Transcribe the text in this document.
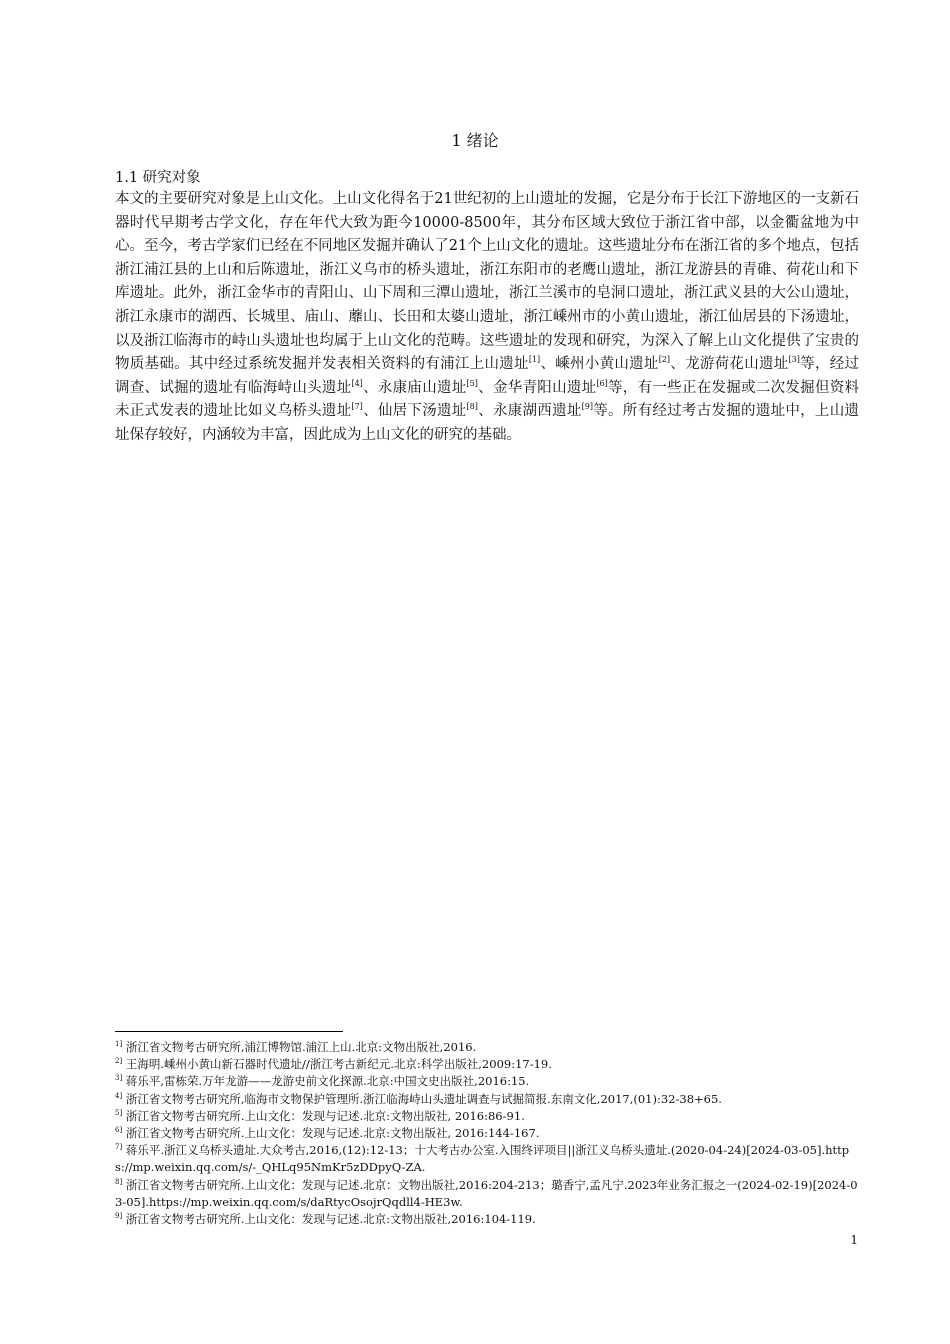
1 绪论
1.1 研究对象

本文的主要研究对象是上山文化。上山文化得名于21世纪初的上山遗址的发掘，它是分布于长江下游地区的一支新石器时代早期考古学文化，存在年代大致为距今10000-8500年，其分布区域大致位于浙江省中部，以金衢盆地为中心。至今，考古学家们已经在不同地区发掘并确认了21个上山文化的遗址。这些遗址分布在浙江省的多个地点，包括浙江浦江县的上山和后陈遗址，浙江义乌市的桥头遗址，浙江东阳市的老鹰山遗址，浙江龙游县的青碓、荷花山和下库遗址。此外，浙江金华市的青阳山、山下周和三潭山遗址，浙江兰溪市的皂洞口遗址，浙江武义县的大公山遗址，浙江永康市的湖西、长城里、庙山、蘼山、长田和太婆山遗址，浙江嵊州市的小黄山遗址，浙江仙居县的下汤遗址，以及浙江临海市的峙山头遗址也均属于上山文化的范畴。这些遗址的发现和研究，为深入了解上山文化提供了宝贵的物质基础。其中经过系统发掘并发表相关资料的有浦江上山遗址[1]、嵊州小黄山遗址[2]、龙游荷花山遗址[3]等，经过调查、试掘的遗址有临海峙山头遗址[4]、永康庙山遗址[5]、金华青阳山遗址[6]等，有一些正在发掘或二次发掘但资料未正式发表的遗址比如义乌桥头遗址[7]、仙居下汤遗址[8]、永康湖西遗址[9]等。所有经过考古发掘的遗址中，上山遗址保存较好，内涵较为丰富，因此成为上山文化的研究的基础。

$^{1]}$ 浙江省文物考古研究所,浦江博物馆.浦江上山.北京:文物出版社,2016.

$^{2]}$ 王海明.嵊州小黄山新石器时代遗址//浙江考古新纪元.北京:科学出版社,2009:17-19.

$^{3]}$ 蒋乐平,雷栋荣.万年龙游——龙游史前文化探源.北京:中国文史出版社,2016:15.

$^{4]}$ 浙江省文物考古研究所,临海市文物保护管理所.浙江临海峙山头遗址调查与试掘简报.东南文化,2017,(01):32-38+65.

$^{5]}$ 浙江省文物考古研究所.上山文化：发现与记述.北京:文物出版社, 2016:86-91.

$^{6]}$ 浙江省文物考古研究所.上山文化：发现与记述.北京:文物出版社, 2016:144-167.

$^{7]}$ 蒋乐平.浙江义乌桥头遗址.大众考古,2016,(12):12-13；十大考古办公室.入围终评项目||浙江义乌桥头遗址.(2020-04-24)[2024-03-05].https://mp.weixin.qq.com/s/-_QHLq95NmKr5zDDpyQ-ZA.

$^{8]}$ 浙江省文物考古研究所.上山文化：发现与记述.北京：文物出版社,2016:204-213；璐香宁,孟凡宁.2023年业务汇报之一(2024-02-19)[2024-03-05].https://mp.weixin.qq.com/s/daRtycOsojrQqdll4-HE3w.

$^{9]}$ 浙江省文物考古研究所.上山文化：发现与记述.北京:文物出版社,2016:104-119.

1
